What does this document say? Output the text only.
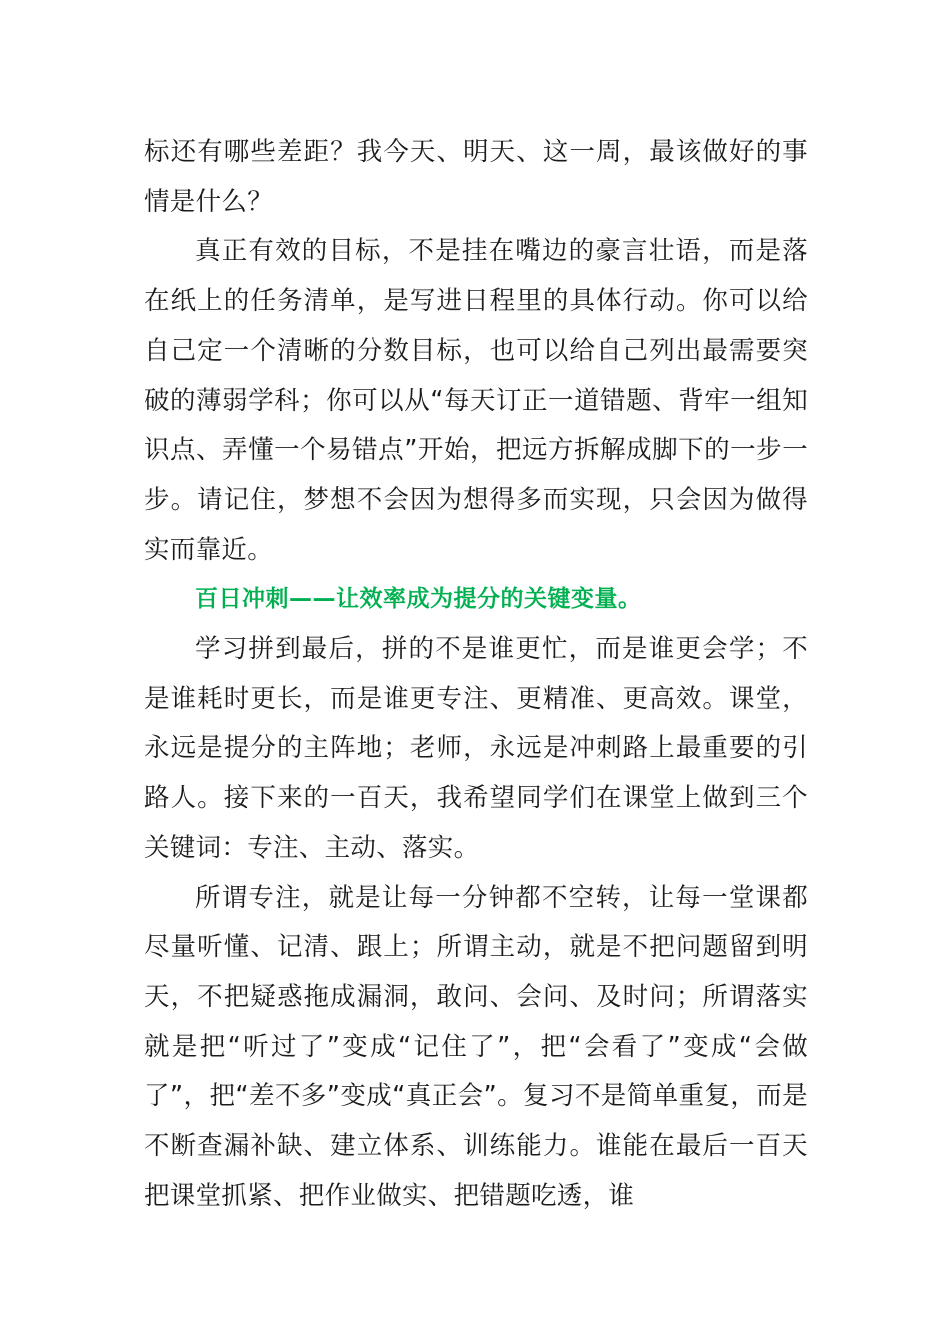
标还有哪些差距？我今天、明天、这一周，最该做好的事情是什么？

真正有效的目标，不是挂在嘴边的豪言壮语，而是落在纸上的任务清单，是写进日程里的具体行动。你可以给自己定一个清晰的分数目标，也可以给自己列出最需要突破的薄弱学科；你可以从“每天订正一道错题、背牢一组知识点、弄懂一个易错点”开始，把远方拆解成脚下的一步一步。请记住，梦想不会因为想得多而实现，只会因为做得实而靠近。

百日冲刺——让效率成为提分的关键变量。

学习拼到最后，拼的不是谁更忙，而是谁更会学；不是谁耗时更长，而是谁更专注、更精准、更高效。课堂，永远是提分的主阵地；老师，永远是冲刺路上最重要的引路人。接下来的一百天，我希望同学们在课堂上做到三个关键词：专注、主动、落实。

所谓专注，就是让每一分钟都不空转，让每一堂课都尽量听懂、记清、跟上；所谓主动，就是不把问题留到明天，不把疑惑拖成漏洞，敢问、会问、及时问；所谓落实就是把“听过了”变成“记住了”，把“会看了”变成“会做了”，把“差不多”变成“真正会”。复习不是简单重复，而是不断查漏补缺、建立体系、训练能力。谁能在最后一百天把课堂抓紧、把作业做实、把错题吃透，谁
